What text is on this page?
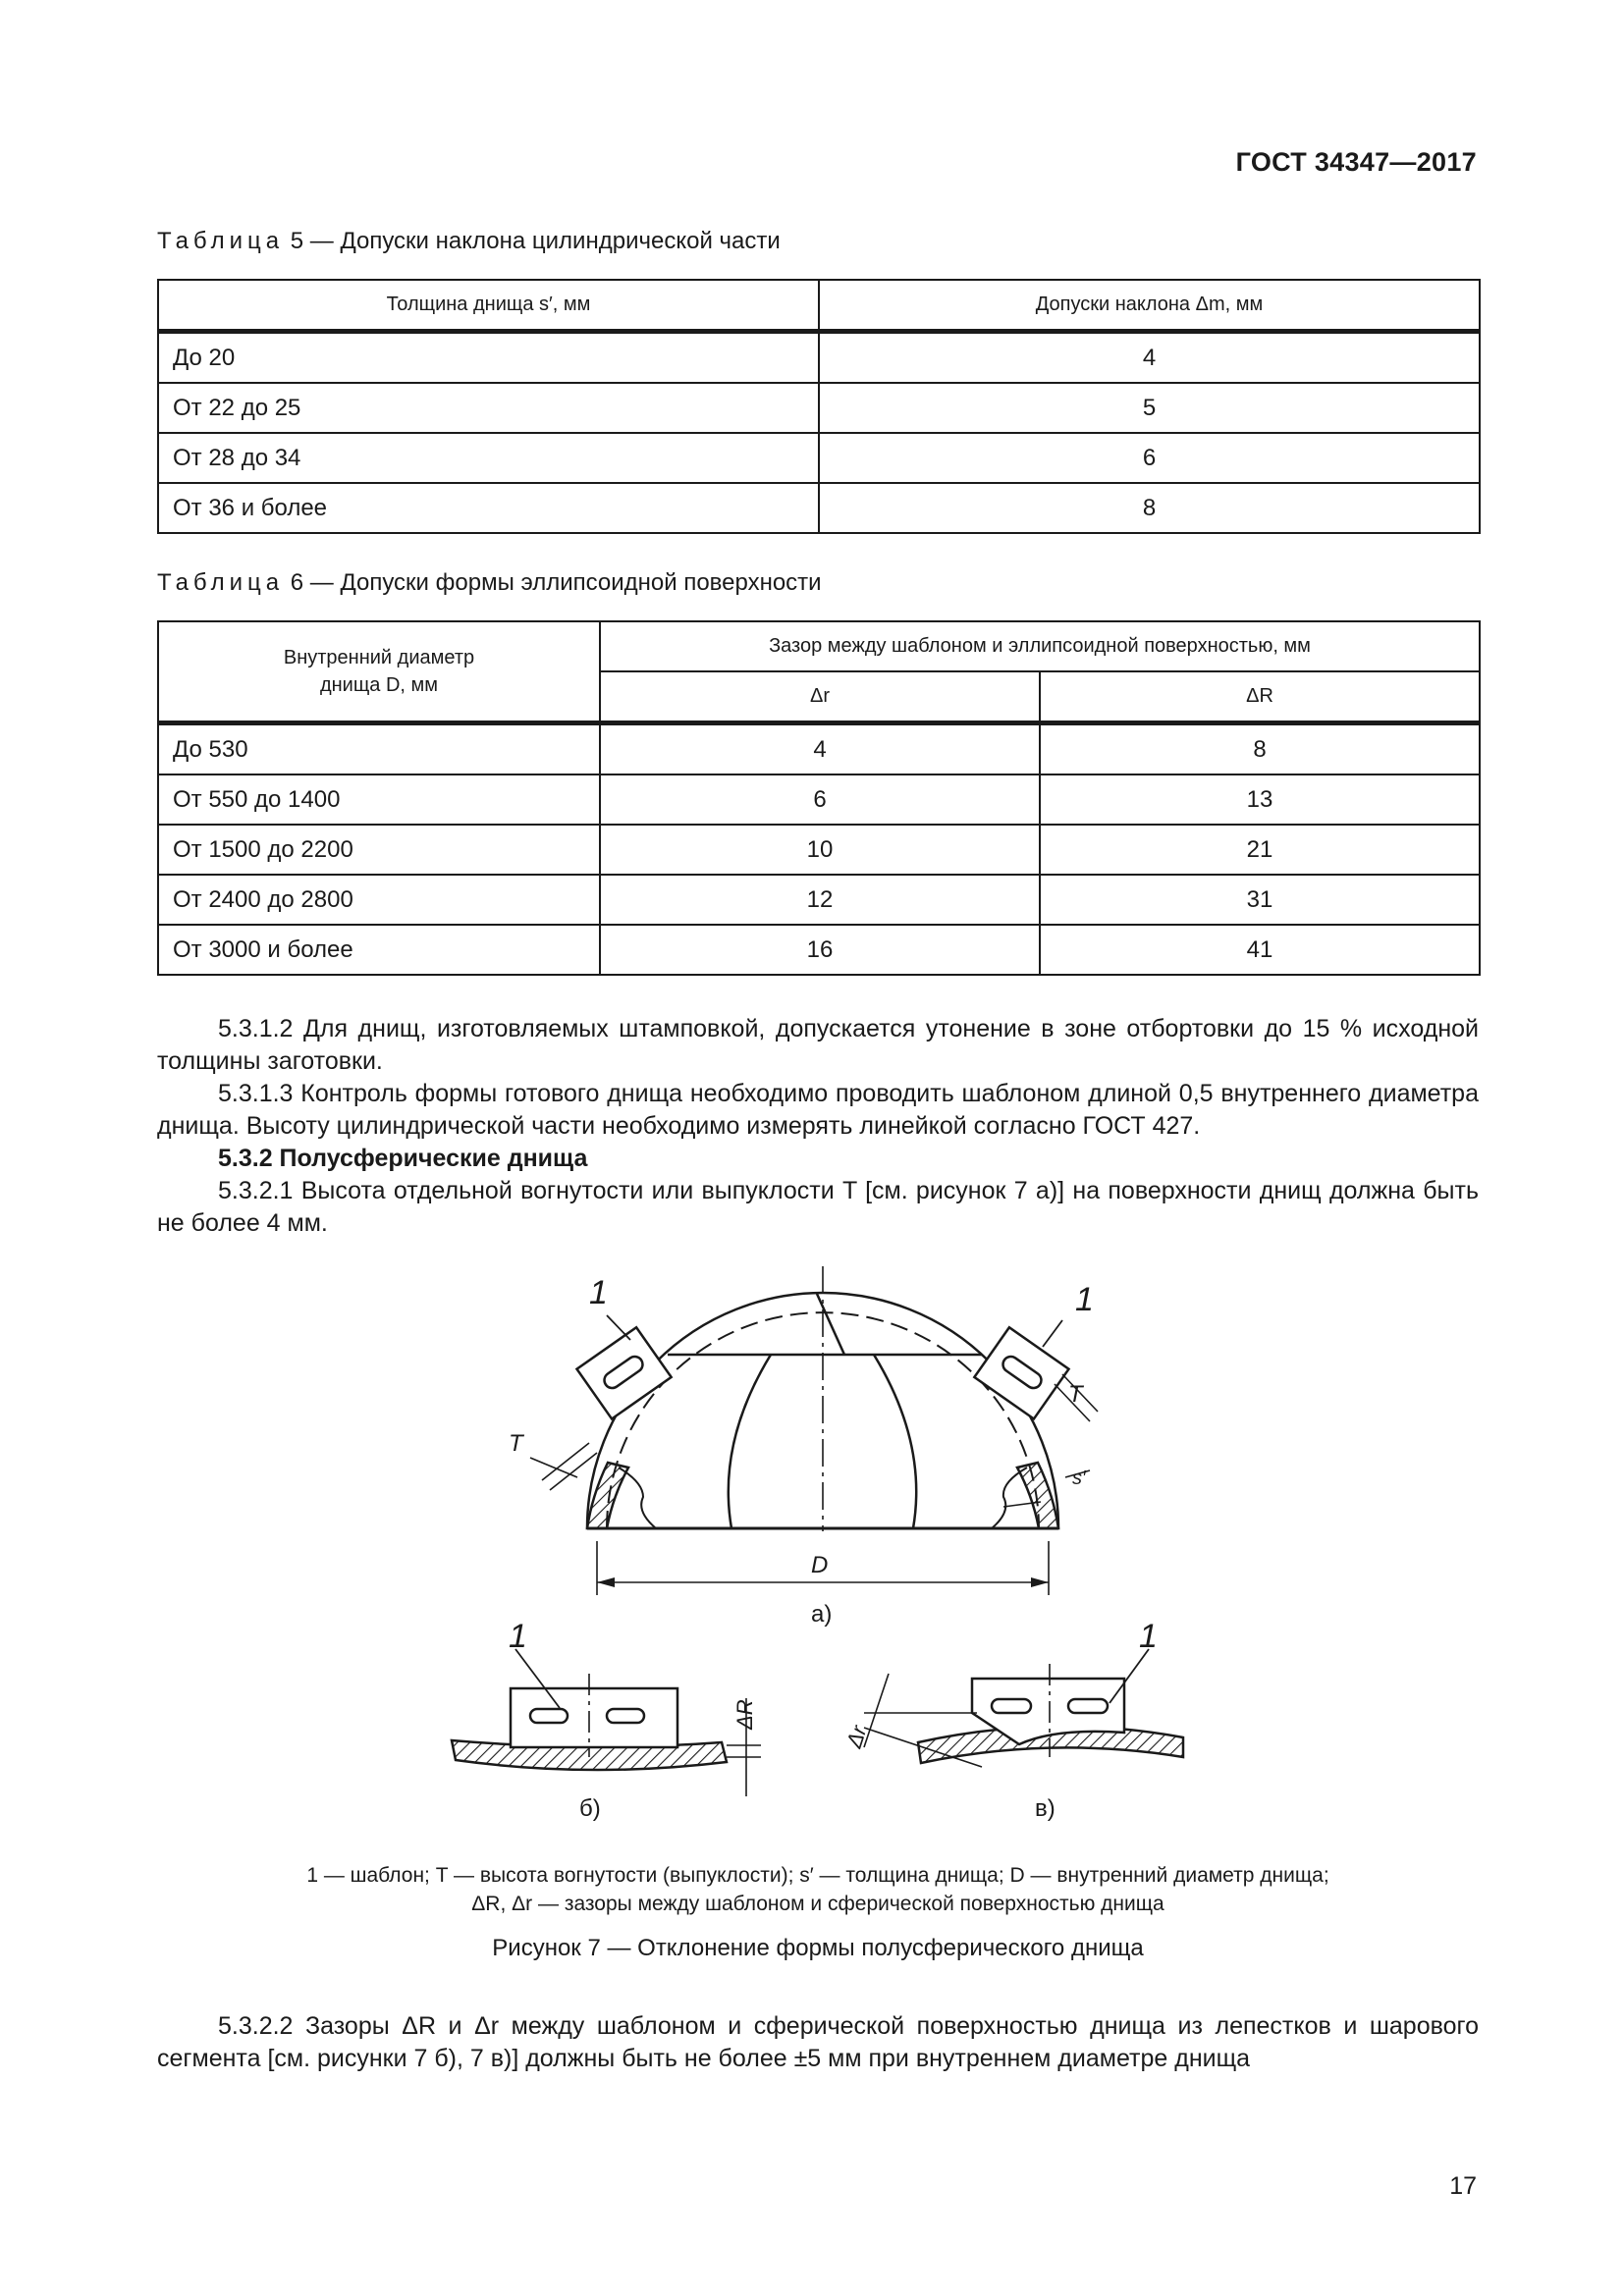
ГОСТ 34347—2017
Таблица 5 — Допуски наклона цилиндрической части
Толщина днища s′, мм	Допуски наклона Δm, мм
До 20	4
От 22 до 25	5
От 28 до 34	6
От 36 и более	8
Таблица 6 — Допуски формы эллипсоидной поверхности
Внутренний диаметр
днища D, мм	Зазор между шаблоном и эллипсоидной поверхностью, мм	
	Δr	ΔR
До 530	4	8
От 550 до 1400	6	13
От 1500 до 2200	10	21
От 2400 до 2800	12	31
От 3000 и более	16	41
5.3.1.2 Для днищ, изготовляемых штамповкой, допускается утонение в зоне отбортовки до 15 % исходной толщины заготовки.
5.3.1.3 Контроль формы готового днища необходимо проводить шаблоном длиной 0,5 внутреннего диаметра днища. Высоту цилиндрической части необходимо измерять линейкой согласно ГОСТ 427.
5.3.2 Полусферические днища
5.3.2.1 Высота отдельной вогнутости или выпуклости T [см. рисунок 7 а)] на поверхности днищ должна быть не более 4 мм.
1	1
T
T
s′
D
а)
1	1
ΔR
Δr
б)	в)
1 — шаблон; T — высота вогнутости (выпуклости); s′ — толщина днища; D — внутренний диаметр днища;
ΔR, Δr — зазоры между шаблоном и сферической поверхностью днища
Рисунок 7 — Отклонение формы полусферического днища
5.3.2.2 Зазоры ΔR и Δr между шаблоном и сферической поверхностью днища из лепестков и шарового сегмента [см. рисунки 7 б), 7 в)] должны быть не более ±5 мм при внутреннем диаметре днища
17
